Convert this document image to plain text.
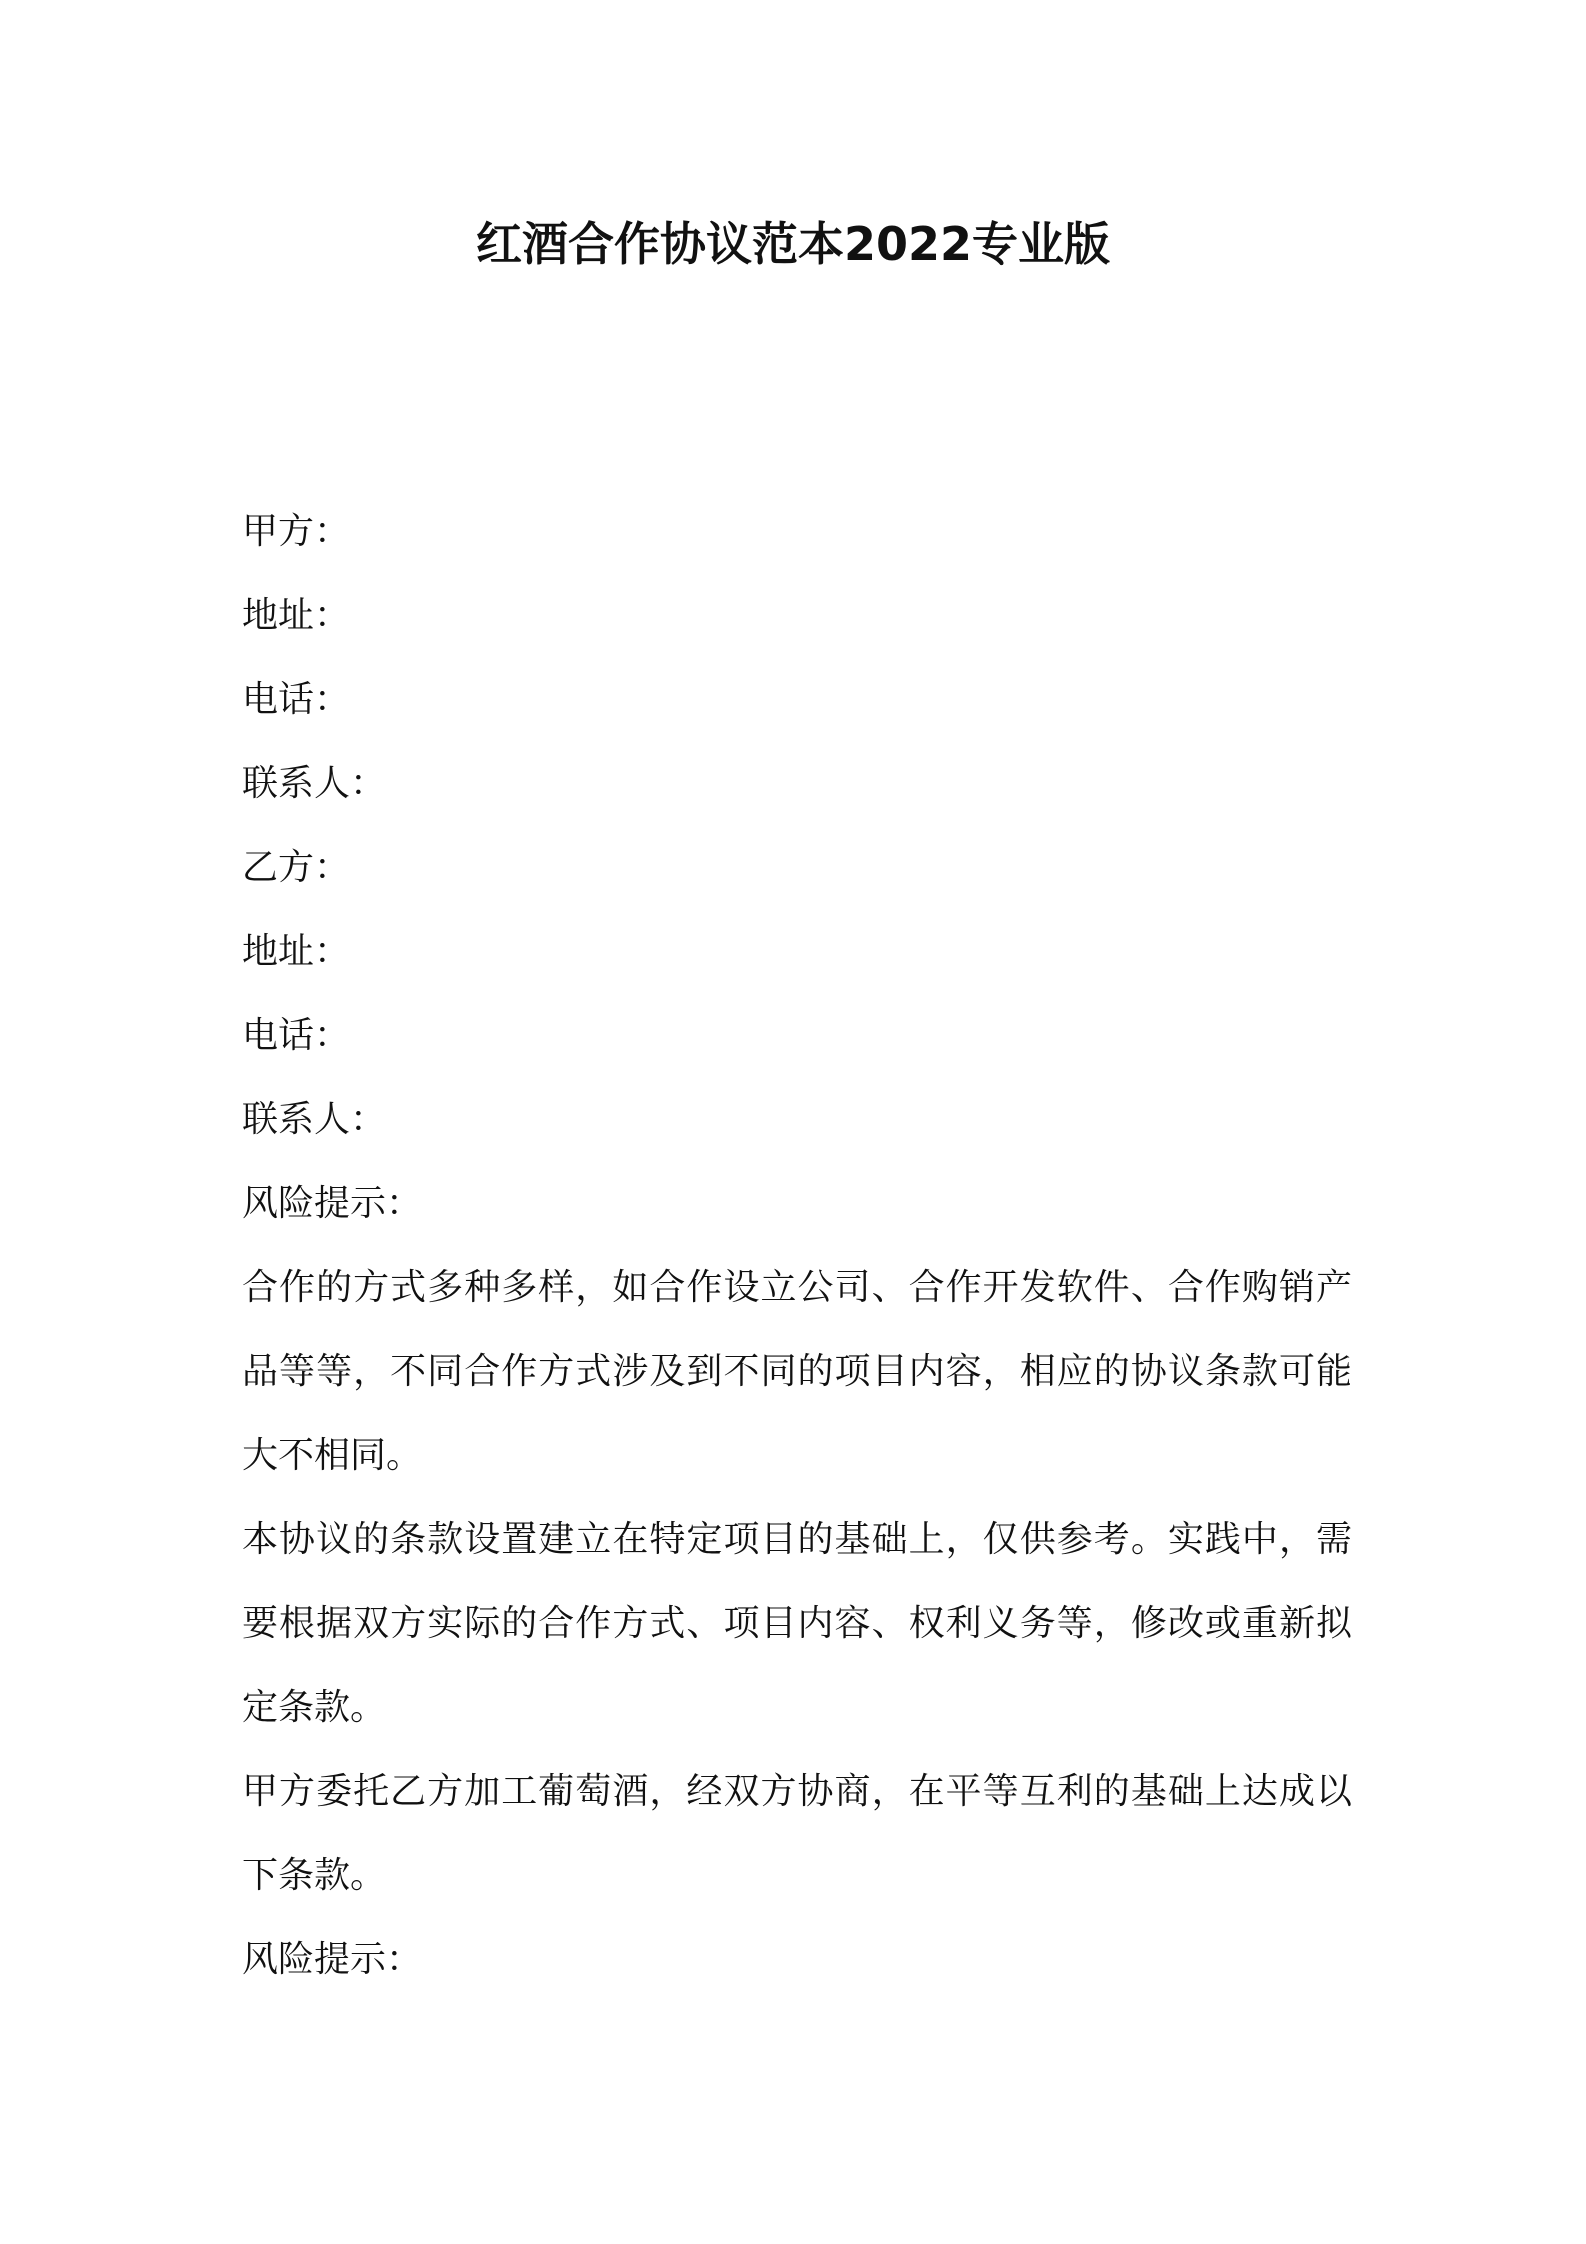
红酒合作协议范本2022专业版

甲方：

地址：

电话：

联系人：

乙方：

地址：

电话：

联系人：

风险提示：

合作的方式多种多样，如合作设立公司、合作开发软件、合作购销产品等等，不同合作方式涉及到不同的项目内容，相应的协议条款可能大不相同。

本协议的条款设置建立在特定项目的基础上，仅供参考。实践中，需要根据双方实际的合作方式、项目内容、权利义务等，修改或重新拟定条款。

甲方委托乙方加工葡萄酒，经双方协商，在平等互利的基础上达成以下条款。

风险提示：
